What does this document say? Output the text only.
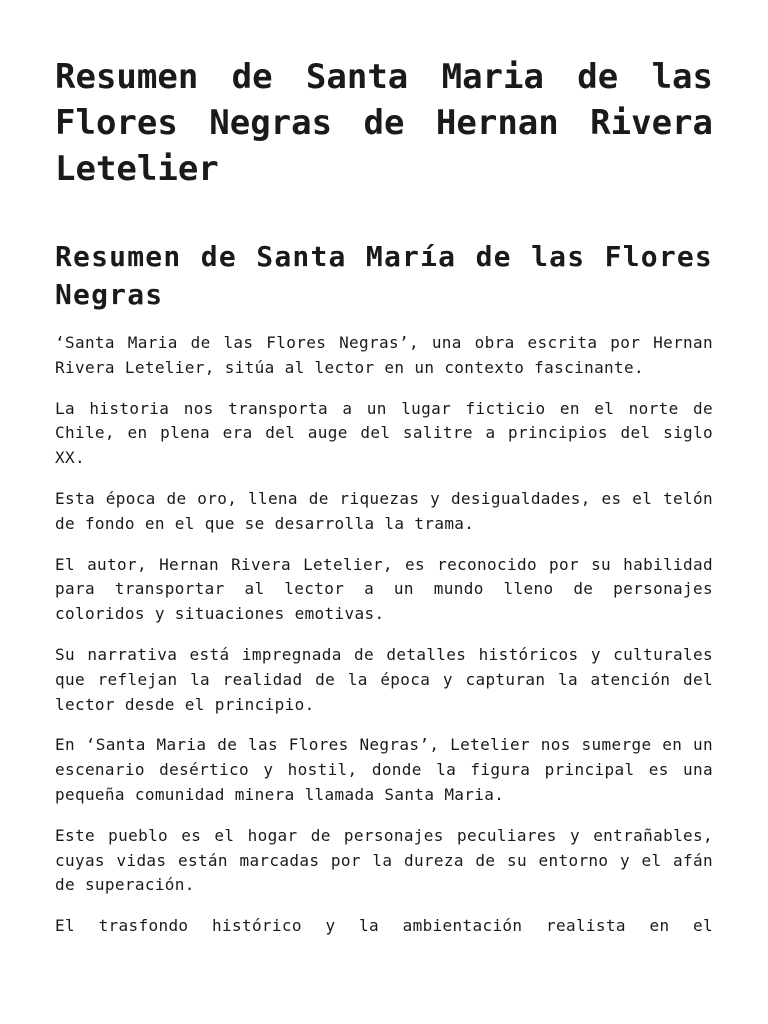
Resumen de Santa Maria de las Flores Negras de Hernan Rivera Letelier
Resumen de Santa María de las Flores Negras

‘Santa Maria de las Flores Negras’, una obra escrita por Hernan Rivera Letelier, sitúa al lector en un contexto fascinante.

La historia nos transporta a un lugar ficticio en el norte de Chile, en plena era del auge del salitre a principios del siglo XX.

Esta época de oro, llena de riquezas y desigualdades, es el telón de fondo en el que se desarrolla la trama.

El autor, Hernan Rivera Letelier, es reconocido por su habilidad para transportar al lector a un mundo lleno de personajes coloridos y situaciones emotivas.

Su narrativa está impregnada de detalles históricos y culturales que reflejan la realidad de la época y capturan la atención del lector desde el principio.

En ‘Santa Maria de las Flores Negras’, Letelier nos sumerge en un escenario desértico y hostil, donde la figura principal es una pequeña comunidad minera llamada Santa Maria.

Este pueblo es el hogar de personajes peculiares y entrañables, cuyas vidas están marcadas por la dureza de su entorno y el afán de superación.

El trasfondo histórico y la ambientación realista en el
